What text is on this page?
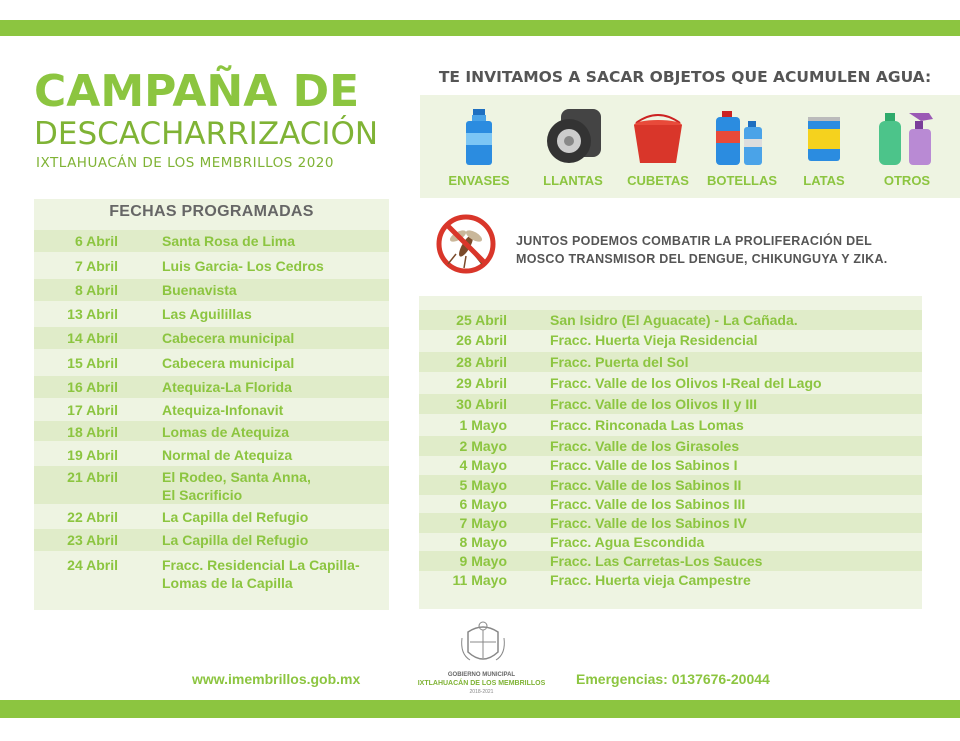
CAMPAÑA DE
DESCACHARRIZACIÓN
IXTLAHUACÁN DE LOS MEMBRILLOS 2020
FECHAS PROGRAMADAS
6 Abril	Santa Rosa de Lima
7 Abril	Luis Garcia- Los Cedros
8 Abril	Buenavista
13 Abril	Las Aguilillas
14 Abril	Cabecera municipal
15 Abril	Cabecera municipal
16 Abril	Atequiza-La Florida
17 Abril	Atequiza-Infonavit
18 Abril	Lomas de Atequiza
19 Abril	Normal de Atequiza
21 Abril	El Rodeo, Santa Anna,
El Sacrificio
22 Abril	La Capilla del Refugio
23 Abril	La Capilla del Refugio
24 Abril	Fracc. Residencial La Capilla-
Lomas de la Capilla
TE INVITAMOS A SACAR OBJETOS QUE ACUMULEN AGUA:
ENVASES	LLANTAS	CUBETAS	BOTELLAS	LATAS	OTROS
JUNTOS PODEMOS COMBATIR LA PROLIFERACIÓN DEL
MOSCO TRANSMISOR DEL DENGUE, CHIKUNGUYA Y ZIKA.
25 Abril	San Isidro (El Aguacate) - La Cañada.
26 Abril	Fracc. Huerta Vieja Residencial
28 Abril	Fracc. Puerta del Sol
29 Abril	Fracc. Valle de los Olivos I-Real del Lago
30 Abril	Fracc. Valle de los Olivos II y III
1 Mayo	Fracc. Rinconada Las Lomas
2 Mayo	Fracc. Valle de los Girasoles
4 Mayo	Fracc. Valle de los Sabinos I
5 Mayo	Fracc. Valle de los Sabinos II
6 Mayo	Fracc. Valle de los Sabinos III
7 Mayo	Fracc. Valle de los Sabinos IV
8 Mayo	Fracc. Agua Escondida
9 Mayo	Fracc. Las Carretas-Los Sauces
11 Mayo	Fracc. Huerta vieja Campestre
www.imembrillos.gob.mx	GOBIERNO MUNICIPAL
IXTLAHUACÁN DE LOS MEMBRILLOS
2018-2021
Emergencias: 0137676-20044
